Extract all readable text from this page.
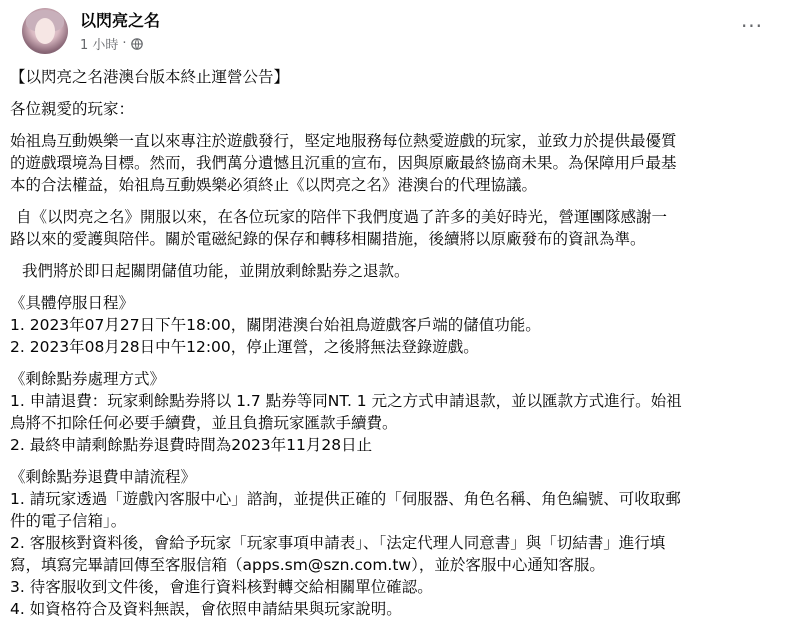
以閃亮之名
1 小時 ·
···

【以閃亮之名港澳台版本終止運營公告】

各位親愛的玩家：

始祖鳥互動娛樂一直以來專注於遊戲發行，堅定地服務每位熱愛遊戲的玩家，並致力於提供最優質

的遊戲環境為目標。然而，我們萬分遺憾且沉重的宣布，因與原廠最終協商未果。為保障用戶最基

本的合法權益，始祖鳥互動娛樂必須終止《以閃亮之名》港澳台的代理協議。

自《以閃亮之名》開服以來，在各位玩家的陪伴下我們度過了許多的美好時光，營運團隊感謝一

路以來的愛護與陪伴。關於電磁紀錄的保存和轉移相關措施，後續將以原廠發布的資訊為準。

我們將於即日起關閉儲值功能，並開放剩餘點券之退款。

《具體停服日程》

1. 2023年07月27日下午18:00，關閉港澳台始祖鳥遊戲客戶端的儲值功能。

2. 2023年08月28日中午12:00，停止運營，之後將無法登錄遊戲。

《剩餘點券處理方式》

1. 申請退費：玩家剩餘點券將以 1.7 點券等同NT. 1 元之方式申請退款，並以匯款方式進行。始祖

鳥將不扣除任何必要手續費，並且負擔玩家匯款手續費。

2. 最終申請剩餘點券退費時間為2023年11月28日止

《剩餘點券退費申請流程》

1. 請玩家透過「遊戲內客服中心」諮詢，並提供正確的「伺服器、角色名稱、角色編號、可收取郵

件的電子信箱」。

2. 客服核對資料後，會給予玩家「玩家事項申請表」、「法定代理人同意書」與「切結書」進行填

寫，填寫完畢請回傳至客服信箱（apps.sm@szn.com.tw），並於客服中心通知客服。

3. 待客服收到文件後，會進行資料核對轉交給相關單位確認。

4. 如資格符合及資料無誤，會依照申請結果與玩家說明。
